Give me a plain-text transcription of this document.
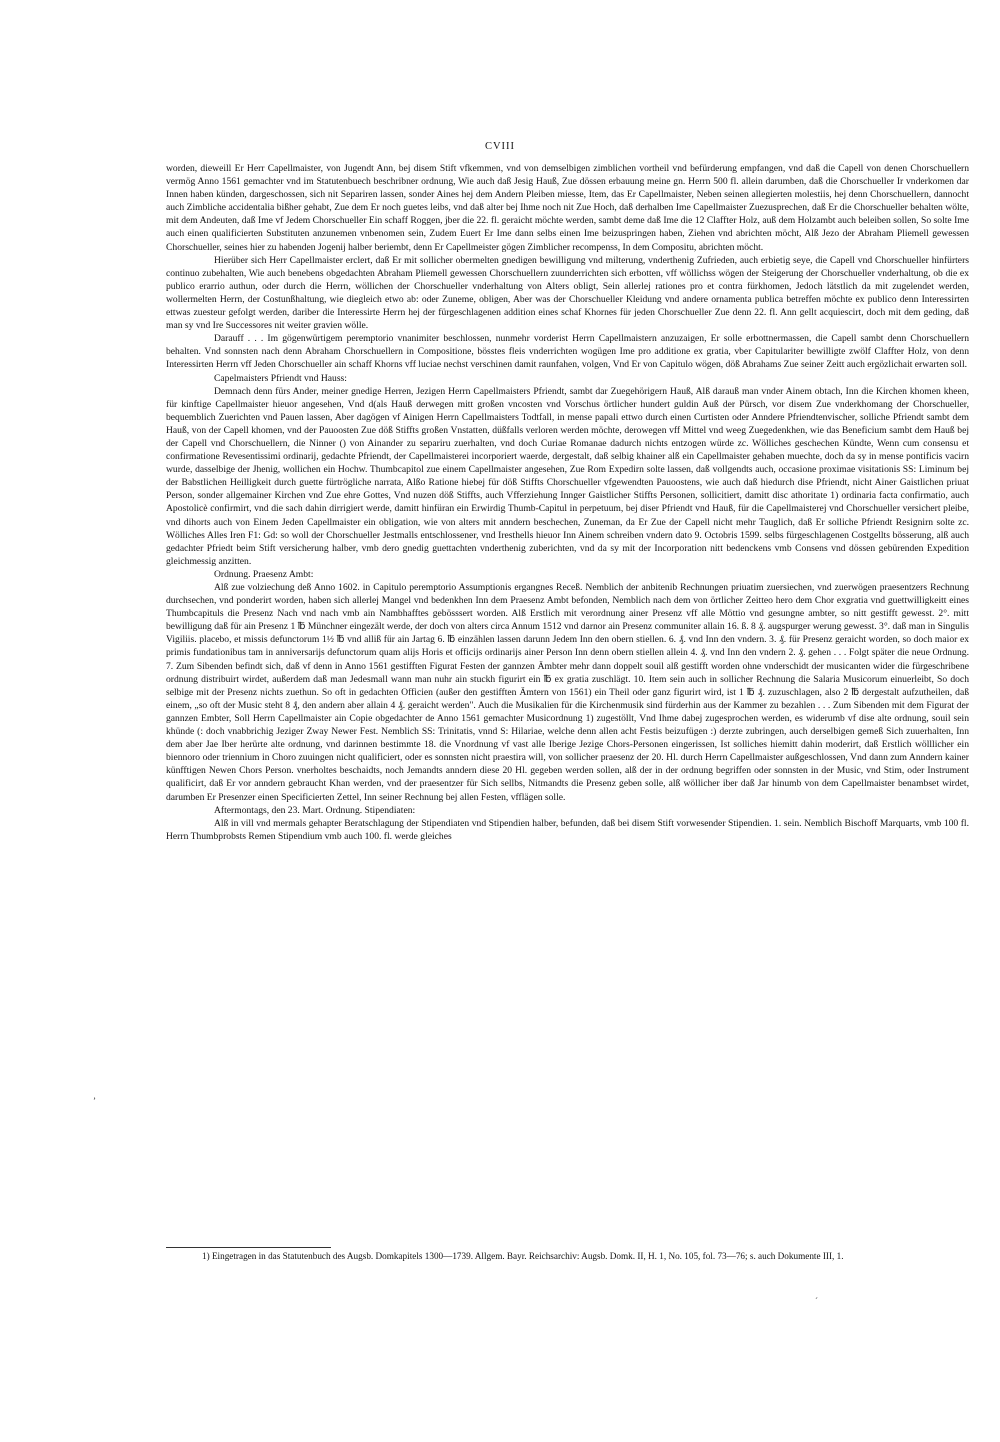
CVIII

worden, dieweill Er Herr Capellmaister, von Jugendt Ann, bej disem Stift vfkemmen, vnd von demselbigen zimblichen vortheil vnd befürderung empfangen, vnd daß die Capell von denen Chorschuellern vermög Anno 1561 gemachter vnd im Statutenbuech beschribner ordnung, Wie auch daß Jesig Hauß, Zue dössen erbauung meine gn. Herrn 500 fl. allein darumben, daß die Chorschueller Ir vnderkomen dar Innen haben künden, dargeschossen, sich nit Separiren lassen, sonder Aines hej dem Andern Pleiben miesse, Item, das Er Capellmaister, Neben seinen allegierten molestiis, hej denn Chorschuellern, dannocht auch Zimbliche accidentalia bißher gehabt, Zue dem Er noch guetes leibs, vnd daß alter bej Ihme noch nit Zue Hoch, daß derhalben Ime Capellmaister Zuezusprechen, daß Er die Chorschueller behalten wölte, mit dem Andeuten, daß Ime vf Jedem Chorschueller Ein schaff Roggen, jber die 22. fl. geraicht möchte werden, sambt deme daß Ime die 12 Claffter Holz, auß dem Holzambt auch beleiben sollen, So solte Ime auch einen qualificierten Substituten anzunemen vnbenomen sein, Zudem Euert Er Ime dann selbs einen Ime beizuspringen haben, Ziehen vnd abrichten möcht, Alß Jezo der Abraham Pliemell gewessen Chorschueller, seines hier zu habenden Jogenij halber beriembt, denn Er Capellmeister gögen Zimblicher recompenss, In dem Compositu, abrichten möcht.

Hierüber sich Herr Capellmaister erclert, daß Er mit sollicher obermelten gnedigen bewilligung vnd milterung, vnderthenig Zufrieden, auch erbietig seye, die Capell vnd Chorschueller hinfürters continuo zubehalten, Wie auch benebens obgedachten Abraham Pliemell gewessen Chorschuellern zuunderrichten sich erbotten, vff wöllichss wögen der Steigerung der Chorschueller vnderhaltung, ob die ex publico erarrio authun, oder durch die Herrn, wöllichen der Chorschueller vnderhaltung von Alters obligt, Sein allerlej rationes pro et contra fürkhomen, Jedoch lätstlich da mit zugelendet werden, wollermelten Herrn, der Costunßhaltung, wie diegleich etwo ab: oder Zuneme, obligen, Aber was der Chorschueller Kleidung vnd andere ornamenta publica betreffen möchte ex publico denn Interessirten ettwas zuesteur gefolgt werden, dariber die Interessirte Herrn hej der fürgeschlagenen addition eines schaf Khornes für jeden Chorschueller Zue denn 22. fl. Ann gellt acquiescirt, doch mit dem geding, daß man sy vnd Ire Successores nit weiter gravien wölle.

Darauff . . . Im gögenwürtigem peremptorio vnanimiter beschlossen, nunmehr vorderist Herrn Capellmaistern anzuzaigen, Er solle erbottnermassen, die Capell sambt denn Chorschuellern behalten. Vnd sonnsten nach denn Abraham Chorschuellern in Compositione, bösstes fleis vnderrichten wogügen Ime pro additione ex gratia, vber Capitulariter bewilligte zwölf Claffter Holz, von denn Interessirten Herrn vff Jeden Chorschueller ain schaff Khorns vff luciae nechst verschinen damit raunfahen, volgen, Vnd Er von Capitulo wögen, döß Abrahams Zue seiner Zeitt auch ergözlichait erwarten soll.

Capelmaisters Pfriendt vnd Hauss:

Demnach denn fürs Ander, meiner gnedige Herren, Jezigen Herrn Capellmaisters Pfriendt, sambt dar Zuegehörigern Hauß, Alß darauß man vnder Ainem obtach, Inn die Kirchen khomen kheen, für kinftige Capellmaister hieuor angesehen, Vnd d(als Hauß derwegen mitt großen vncosten vnd Vorschus örtlicher hundert guldin Auß der Pürsch, vor disem Zue vnderkhomang der Chorschueller, bequemblich Zuerichten vnd Pauen lassen, Aber dagögen vf Ainigen Herrn Capellmaisters Todtfall, in mense papali ettwo durch einen Curtisten oder Anndere Pfriendtenvischer, solliche Pfriendt sambt dem Hauß, von der Capell khomen, vnd der Pauoosten Zue döß Stiffts großen Vnstatten, düßfalls verloren werden möchte, derowegen vff Mittel vnd weeg Zuegedenkhen, wie das Beneficium sambt dem Hauß bej der Capell vnd Chorschuellern, die Ninner () von Ainander zu separiru zuerhalten, vnd doch Curiae Romanae dadurch nichts entzogen würde zc. Wölliches geschechen Kündte, Wenn cum consensu et confirmatione Revesentissimi ordinarij, gedachte Pfriendt, der Capellmaisterei incorporiert waerde, dergestalt, daß selbig khainer alß ein Capellmaister gehaben muechte, doch da sy in mense pontificis vacirn wurde, dasselbige der Jhenig, wollichen ein Hochw. Thumbcapitol zue einem Capellmaister angesehen, Zue Rom Expedirn solte lassen, daß vollgendts auch, occasione proximae visitationis SS: Liminum bej der Babstlichen Heilligkeit durch guette fürtrögliche narrata, Alßo Ratione hiebej für döß Stiffts Chorschueller vfgewendten Pauoostens, wie auch daß hiedurch dise Pfriendt, nicht Ainer Gaistlichen priuat Person, sonder allgemainer Kirchen vnd Zue ehre Gottes, Vnd nuzen döß Stiffts, auch Vfferziehung Innger Gaistlicher Stiffts Personen, sollicitiert, damitt disc athoritate 1) ordinaria facta confirmatio, auch Apostolicè confirmirt, vnd die sach dahin dirrigiert werde, damitt hinfüran ein Erwirdig Thumb-Capitul in perpetuum, bej diser Pfriendt vnd Hauß, für die Capellmaisterej vnd Chorschueller versichert pleibe, vnd dihorts auch von Einem Jeden Capellmaister ein obligation, wie von alters mit anndern beschechen, Zuneman, da Er Zue der Capell nicht mehr Tauglich, daß Er solliche Pfriendt Resignirn solte zc. Wölliches Alles Iren F1: Gd: so woll der Chorschueller Jestmalls entschlossener, vnd Iresthells hieuor Inn Ainem schreiben vndern dato 9. Octobris 1599. selbs fürgeschlagenen Costgellts bösserung, alß auch gedachter Pfriedt beim Stift versicherung halber, vmb dero gnedig guettachten vnderthenig zuberichten, vnd da sy mit der Incorporation nitt bedenckens vmb Consens vnd dössen gebürenden Expedition gleichmessig anzitten.

Ordnung. Praesenz Ambt:

Alß zue volziechung deß Anno 1602. in Capitulo peremptorio Assumptionis ergangnes Receß. Nemblich der anbitenib Rechnungen priuatim zuersiechen, vnd zuerwögen praesentzers Rechnung durchsechen, vnd ponderirt worden, haben sich allerlej Mangel vnd bedenkhen Inn dem Praesenz Ambt befonden, Nemblich nach dem von örtlicher Zeitteo hero dem Chor exgratia vnd guettwilligkeitt eines Thumbcapituls die Presenz Nach vnd nach vmb ain Nambhafftes gebösssert worden. Alß Erstlich mit verordnung ainer Presenz vff alle Möttio vnd gesungne ambter, so nitt gestifft gewesst. 2°. mitt bewilligung daß für ain Presenz 1 ℔ Münchner eingezält werde, der doch von alters circa Annum 1512 vnd darnor ain Presenz communiter allain 16. ß. 8 ₰. augspurger werung gewesst. 3°. daß man in Singulis Vigiliis. placebo, et missis defunctorum 1½ ℔ vnd alliß für ain Jartag 6. ℔ einzählen lassen darunn Jedem Inn den obern stiellen. 6. ₰. vnd Inn den vndern. 3. ₰. für Presenz geraicht worden, so doch maior ex primis fundationibus tam in anniversarijs defunctorum quam alijs Horis et officijs ordinarijs ainer Person Inn denn obern stiellen allein 4. ₰. vnd Inn den vndern 2. ₰. gehen . . . Folgt später die neue Ordnung. 7. Zum Sibenden befindt sich, daß vf denn in Anno 1561 gestifften Figurat Festen der gannzen Ämbter mehr dann doppelt souil alß gestifft worden ohne vnderschidt der musicanten wider die fürgeschribene ordnung distribuirt wirdet, außerdem daß man Jedesmall wann man nuhr ain stuckh figurirt ein ℔ ex gratia zuschlägt. 10. Item sein auch in sollicher Rechnung die Salaria Musicorum einuerleibt, So doch selbige mit der Presenz nichts zuethun. So oft in gedachten Officien (außer den gestifften Ämtern von 1561) ein Theil oder ganz figurirt wird, ist 1 ℔ ₰. zuzuschlagen, also 2 ℔ dergestalt aufzutheilen, daß einem, „so oft der Music steht 8 ₰, den andern aber allain 4 ₰. geraicht werden". Auch die Musikalien für die Kirchenmusik sind fürderhin aus der Kammer zu bezahlen . . . Zum Sibenden mit dem Figurat der gannzen Embter, Soll Herrn Capellmaister ain Copie obgedachter de Anno 1561 gemachter Musicordnung 1) zugestöllt, Vnd Ihme dabej zugesprochen werden, es widerumb vf dise alte ordnung, souil sein khünde (: doch vnabbrichig Jeziger Zway Newer Fest. Nemblich SS: Trinitatis, vnnd S: Hilariae, welche denn allen acht Festis beizufügen :) derzte zubringen, auch derselbigen gemeß Sich zuuerhalten, Inn dem aber Jae Iber herürte alte ordnung, vnd darinnen bestimmte 18. die Vnordnung vf vast alle Iberige Jezige Chors-Personen eingerissen, Ist solliches hiemitt dahin moderirt, daß Erstlich wölllicher ein biennoro oder triennium in Choro zuuingen nicht qualificiert, oder es sonnsten nicht praestira will, von sollicher praesenz der 20. Hl. durch Herrn Capellmaister außgeschlossen, Vnd dann zum Anndern kainer künfftigen Newen Chors Person. vnerholtes beschaidts, noch Jemandts anndern diese 20 Hl. gegeben werden sollen, alß der in der ordnung begriffen oder sonnsten in der Music, vnd Stim, oder Instrument qualificirt, daß Er vor anndern gebraucht Khan werden, vnd der praesentzer für Sich sellbs, Nitmandts die Presenz geben solle, alß wöllicher iber daß Jar hinumb von dem Capellmaister benambset wirdet, darumben Er Presenzer einen Specificierten Zettel, Inn seiner Rechnung bej allen Festen, vfflägen solle.

Aftermontags, den 23. Mart. Ordnung. Stipendiaten:

Alß in vill vnd mermals gehapter Beratschlagung der Stipendiaten vnd Stipendien halber, befunden, daß bei disem Stift vorwesender Stipendien. 1. sein. Nemblich Bischoff Marquarts, vmb 100 fl. Herrn Thumbprobsts Remen Stipendium vmb auch 100. fl. werde gleiches

1) Eingetragen in das Statutenbuch des Augsb. Domkapitels 1300—1739. Allgem. Bayr. Reichsarchiv: Augsb. Domk. II, H. 1, No. 105, fol. 73—76; s. auch Dokumente III, 1.

ʼ
ˊ
